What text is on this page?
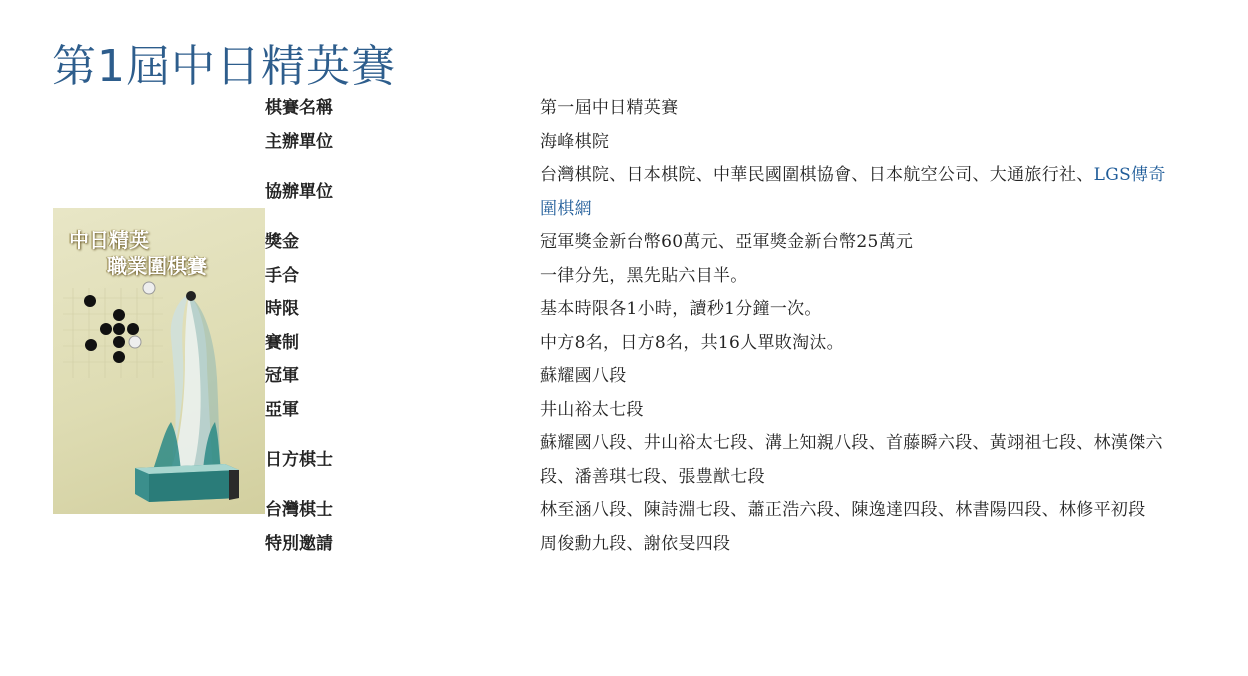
第1屆中日精英賽
中日精英
職業圍棋賽
棋賽名稱	第一屆中日精英賽
主辦單位	海峰棋院
協辦單位	台灣棋院、日本棋院、中華民國圍棋協會、日本航空公司、大通旅行社、LGS傳奇圍棋網
獎金	冠軍獎金新台幣60萬元、亞軍獎金新台幣25萬元
手合	一律分先，黑先貼六目半。
時限	基本時限各1小時，讀秒1分鐘一次。
賽制	中方8名，日方8名，共16人單敗淘汰。
冠軍	蘇耀國八段
亞軍	井山裕太七段
日方棋士	蘇耀國八段、井山裕太七段、溝上知親八段、首藤瞬六段、黃翊祖七段、林漢傑六段、潘善琪七段、張豊猷七段
台灣棋士	林至涵八段、陳詩淵七段、蕭正浩六段、陳逸達四段、林書陽四段、林修平初段
特別邀請	周俊勳九段、謝依旻四段
